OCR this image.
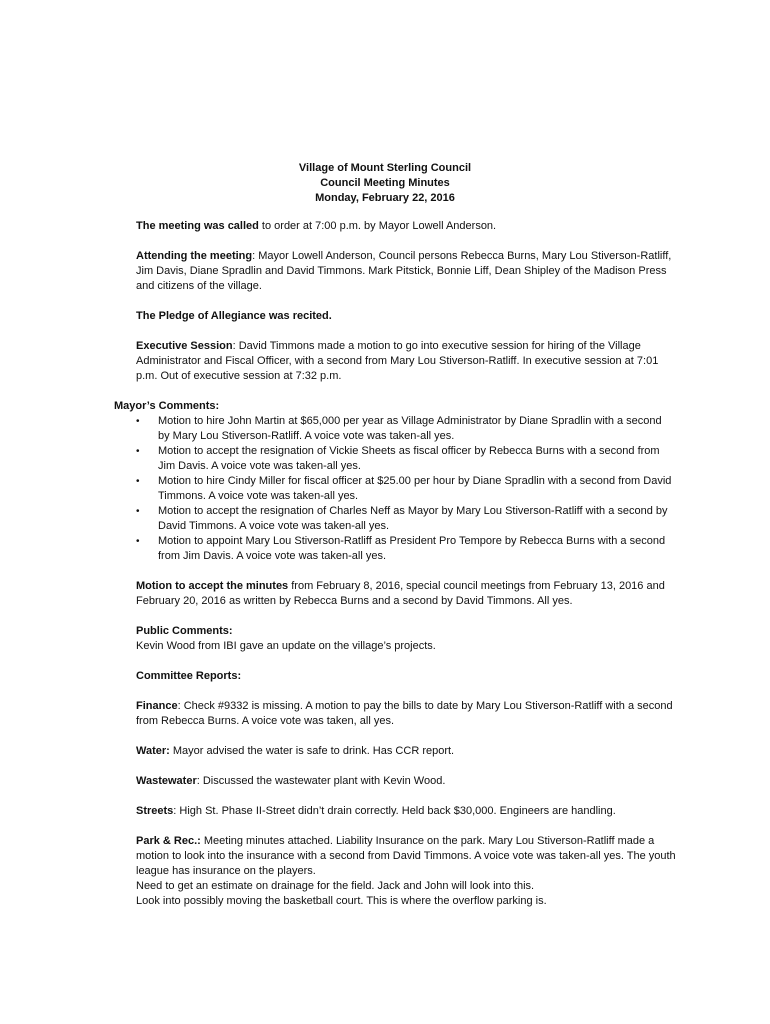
Village of Mount Sterling Council
Council Meeting Minutes
Monday, February 22, 2016

The meeting was called to order at 7:00 p.m. by Mayor Lowell Anderson.

Attending the meeting: Mayor Lowell Anderson, Council persons Rebecca Burns, Mary Lou Stiverson-Ratliff, Jim Davis, Diane Spradlin and David Timmons. Mark Pitstick, Bonnie Liff, Dean Shipley of the Madison Press and citizens of the village.

The Pledge of Allegiance was recited.

Executive Session: David Timmons made a motion to go into executive session for hiring of the Village Administrator and Fiscal Officer, with a second from Mary Lou Stiverson-Ratliff. In executive session at 7:01 p.m. Out of executive session at 7:32 p.m.

Mayor’s Comments:
•	Motion to hire John Martin at $65,000 per year as Village Administrator by Diane Spradlin with a second by Mary Lou Stiverson-Ratliff. A voice vote was taken-all yes.
•	Motion to accept the resignation of Vickie Sheets as fiscal officer by Rebecca Burns with a second from Jim Davis. A voice vote was taken-all yes.
•	Motion to hire Cindy Miller for fiscal officer at $25.00 per hour by Diane Spradlin with a second from David Timmons. A voice vote was taken-all yes.
•	Motion to accept the resignation of Charles Neff as Mayor by Mary Lou Stiverson-Ratliff with a second by David Timmons. A voice vote was taken-all yes.
•	Motion to appoint Mary Lou Stiverson-Ratliff as President Pro Tempore by Rebecca Burns with a second from Jim Davis. A voice vote was taken-all yes.

Motion to accept the minutes from February 8, 2016, special council meetings from February 13, 2016 and February 20, 2016 as written by Rebecca Burns and a second by David Timmons. All yes.

Public Comments:
Kevin Wood from IBI gave an update on the village’s projects.

Committee Reports:

Finance: Check #9332 is missing. A motion to pay the bills to date by Mary Lou Stiverson-Ratliff with a second from Rebecca Burns. A voice vote was taken, all yes.

Water: Mayor advised the water is safe to drink. Has CCR report.

Wastewater: Discussed the wastewater plant with Kevin Wood.

Streets: High St. Phase II-Street didn’t drain correctly. Held back $30,000. Engineers are handling.

Park & Rec.: Meeting minutes attached. Liability Insurance on the park. Mary Lou Stiverson-Ratliff made a motion to look into the insurance with a second from David Timmons. A voice vote was taken-all yes. The youth league has insurance on the players.
Need to get an estimate on drainage for the field. Jack and John will look into this.
Look into possibly moving the basketball court. This is where the overflow parking is.
